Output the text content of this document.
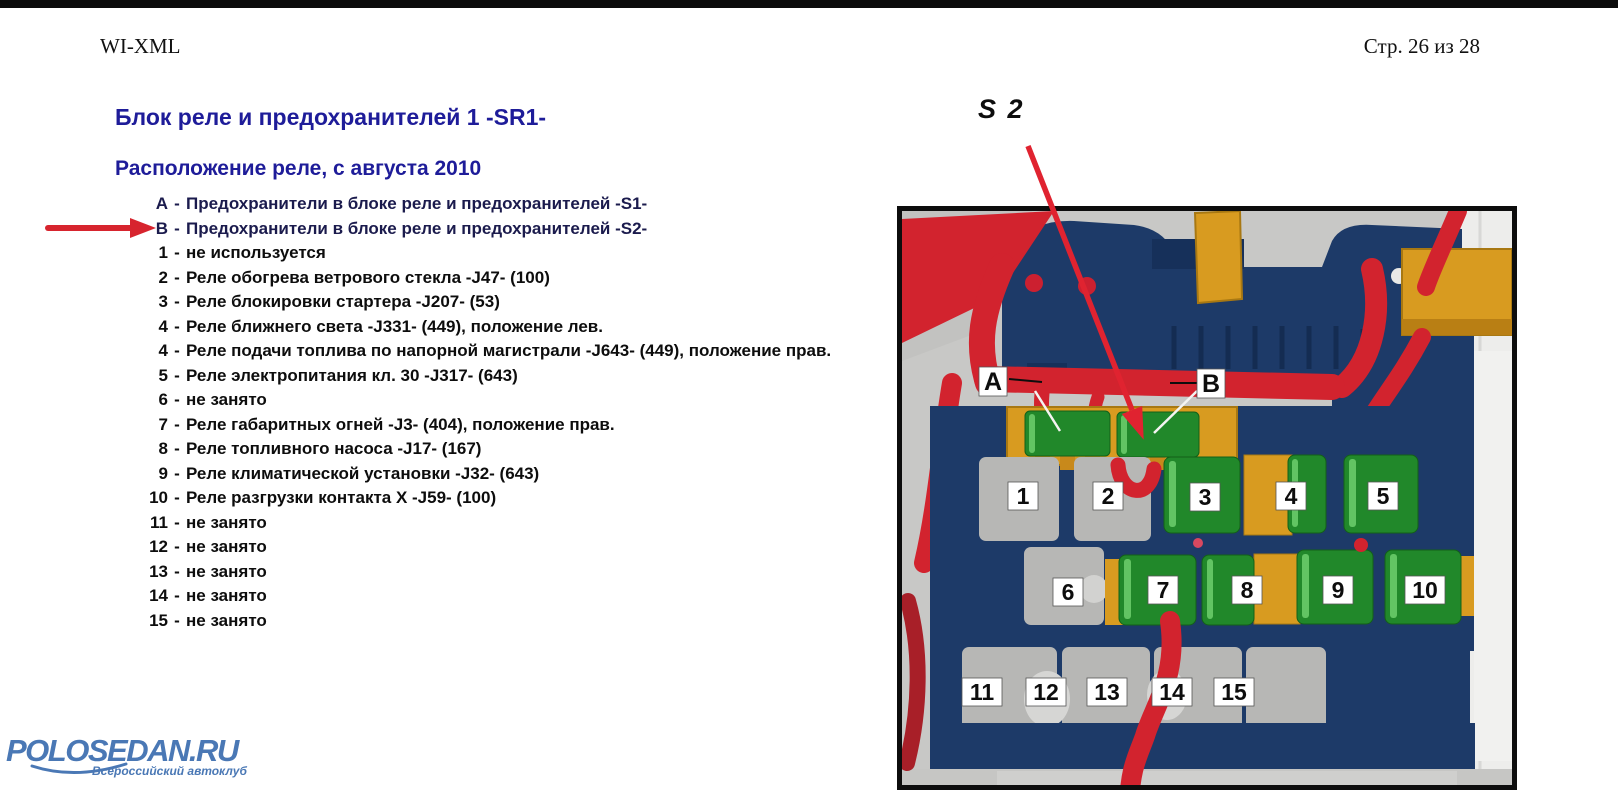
WI-XML	Стр. 26 из 28
Блок реле и предохранителей 1 -SR1-
Расположение реле, с августа 2010
A - Предохранители в блоке реле и предохранителей -S1-
B - Предохранители в блоке реле и предохранителей -S2-
1 - не используется
2 - Реле обогрева ветрового стекла -J47- (100)
3 - Реле блокировки стартера -J207- (53)
4 - Реле ближнего света -J331- (449), положение лев.
4 - Реле подачи топлива по напорной магистрали -J643- (449), положение прав.
5 - Реле электропитания кл. 30 -J317- (643)
6 - не занято
7 - Реле габаритных огней -J3- (404), положение прав.
8 - Реле топливного насоса -J17- (167)
9 - Реле климатической установки -J32- (643)
10 - Реле разгрузки контакта X -J59- (100)
11 - не занято
12 - не занято
13 - не занято
14 - не занято
15 - не занято
S 2
A	B
1	2	3	4	5
6	7	8	9	10
11 12 13 14 15
POLOSEDAN.RU
Всероссийский автоклуб
